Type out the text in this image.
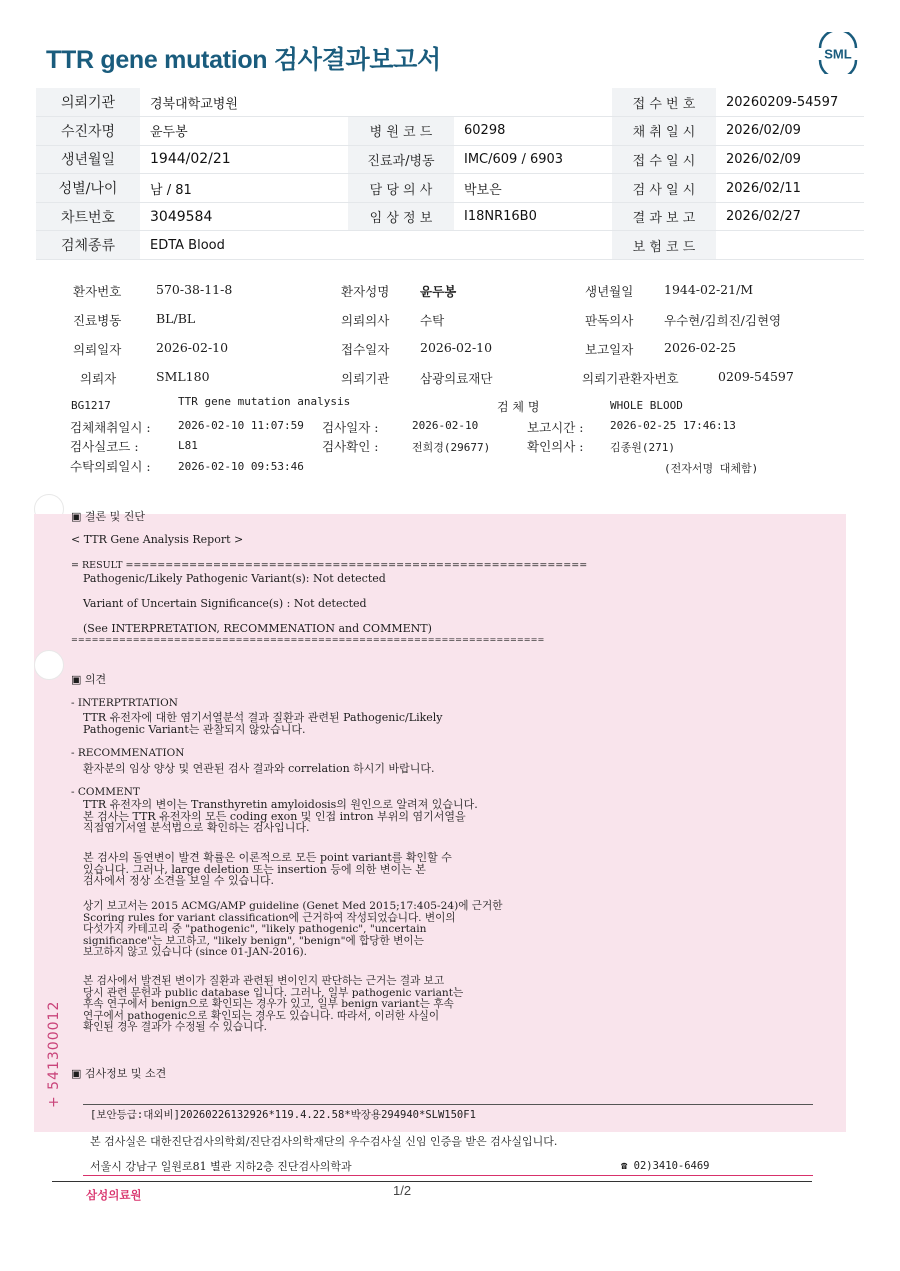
TTR gene mutation 검사결과보고서	SML
의뢰기관	경북대학교병원			접 수 번 호	20260209-54597
수진자명	윤두봉	병 원 코 드	60298	채 취 일 시	2026/02/09
생년월일	1944/02/21	진료과/병동	IMC/609 / 6903	접 수 일 시	2026/02/09
성별/나이	남 / 81	담 당 의 사	박보은	검 사 일 시	2026/02/11
차트번호	3049584	임 상 정 보	I18NR16B0	결 과 보 고	2026/02/27
검체종류	EDTA Blood			보 험 코 드	
환자번호	570-38-11-8	환자성명 윤두봉	생년월일 1944-02-21/M
진료병동	BL/BL	의뢰의사 수탁	판독의사 우수현/김희진/김현영
의뢰일자	2026-02-10	접수일자 2026-02-10	보고일자 2026-02-25
의뢰자	SML180	의뢰기관 삼광의료재단	의뢰기관환자번호	0209-54597
BG1217	TTR gene mutation analysis	검 체 명	WHOLE BLOOD
검체채취일시 : 2026-02-10 11:07:59 검사일자 :	2026-02-10	보고시간 : 2026-02-25 17:46:13
검사실코드 :	L81	검사확인 :	전희경(29677)	확인의사 : 김종원(271)
수탁의뢰일시 : 2026-02-10 09:53:46	(전자서명 대체함)
▣ 결론 및 진단
< TTR Gene Analysis Report >
= RESULT ==========================================================
Pathogenic/Likely Pathogenic Variant(s): Not detected
Variant of Uncertain Significance(s) : Not detected
(See INTERPRETATION, RECOMMENATION and COMMENT)
=====================================================================
▣ 의견
- INTERPTRTATION
TTR 유전자에 대한 염기서열분석 결과 질환과 관련된 Pathogenic/Likely
Pathogenic Variant는 관찰되지 않았습니다.
- RECOMMENATION
환자분의 임상 양상 및 연관된 검사 결과와 correlation 하시기 바랍니다.
- COMMENT
TTR 유전자의 변이는 Transthyretin amyloidosis의 원인으로 알려져 있습니다.
본 검사는 TTR 유전자의 모든 coding exon 및 인접 intron 부위의 염기서열을
직접염기서열 분석법으로 확인하는 검사입니다.
본 검사의 돌연변이 발견 확률은 이론적으로 모든 point variant를 확인할 수
있습니다. 그러나, large deletion 또는 insertion 등에 의한 변이는 본
검사에서 정상 소견을 보일 수 있습니다.
상기 보고서는 2015 ACMG/AMP guideline (Genet Med 2015;17:405-24)에 근거한
Scoring rules for variant classification에 근거하여 작성되었습니다. 변이의
다섯가지 카테고리 중 "pathogenic", "likely pathogenic", "uncertain
significance"는 보고하고, "likely benign", "benign"에 합당한 변이는
보고하지 않고 있습니다 (since 01-JAN-2016).
본 검사에서 발견된 변이가 질환과 관련된 변이인지 판단하는 근거는 결과 보고
당시 관련 문헌과 public database 입니다. 그러나, 일부 pathogenic variant는
후속 연구에서 benign으로 확인되는 경우가 있고, 일부 benign variant는 후속
연구에서 pathogenic으로 확인되는 경우도 있습니다. 따라서, 이러한 사실이
확인된 경우 결과가 수정될 수 있습니다.
▣ 검사정보 및 소견
+ 541300012
[보안등급:대외비]20260226132926*119.4.22.58*박장용294940*SLW150F1
본 검사실은 대한진단검사의학회/진단검사의학재단의 우수검사실 신임 인증을 받은 검사실입니다.
서울시 강남구 일원로81 별관 지하2층 진단검사의학과	☎ 02)3410-6469
삼성의료원	1/2
